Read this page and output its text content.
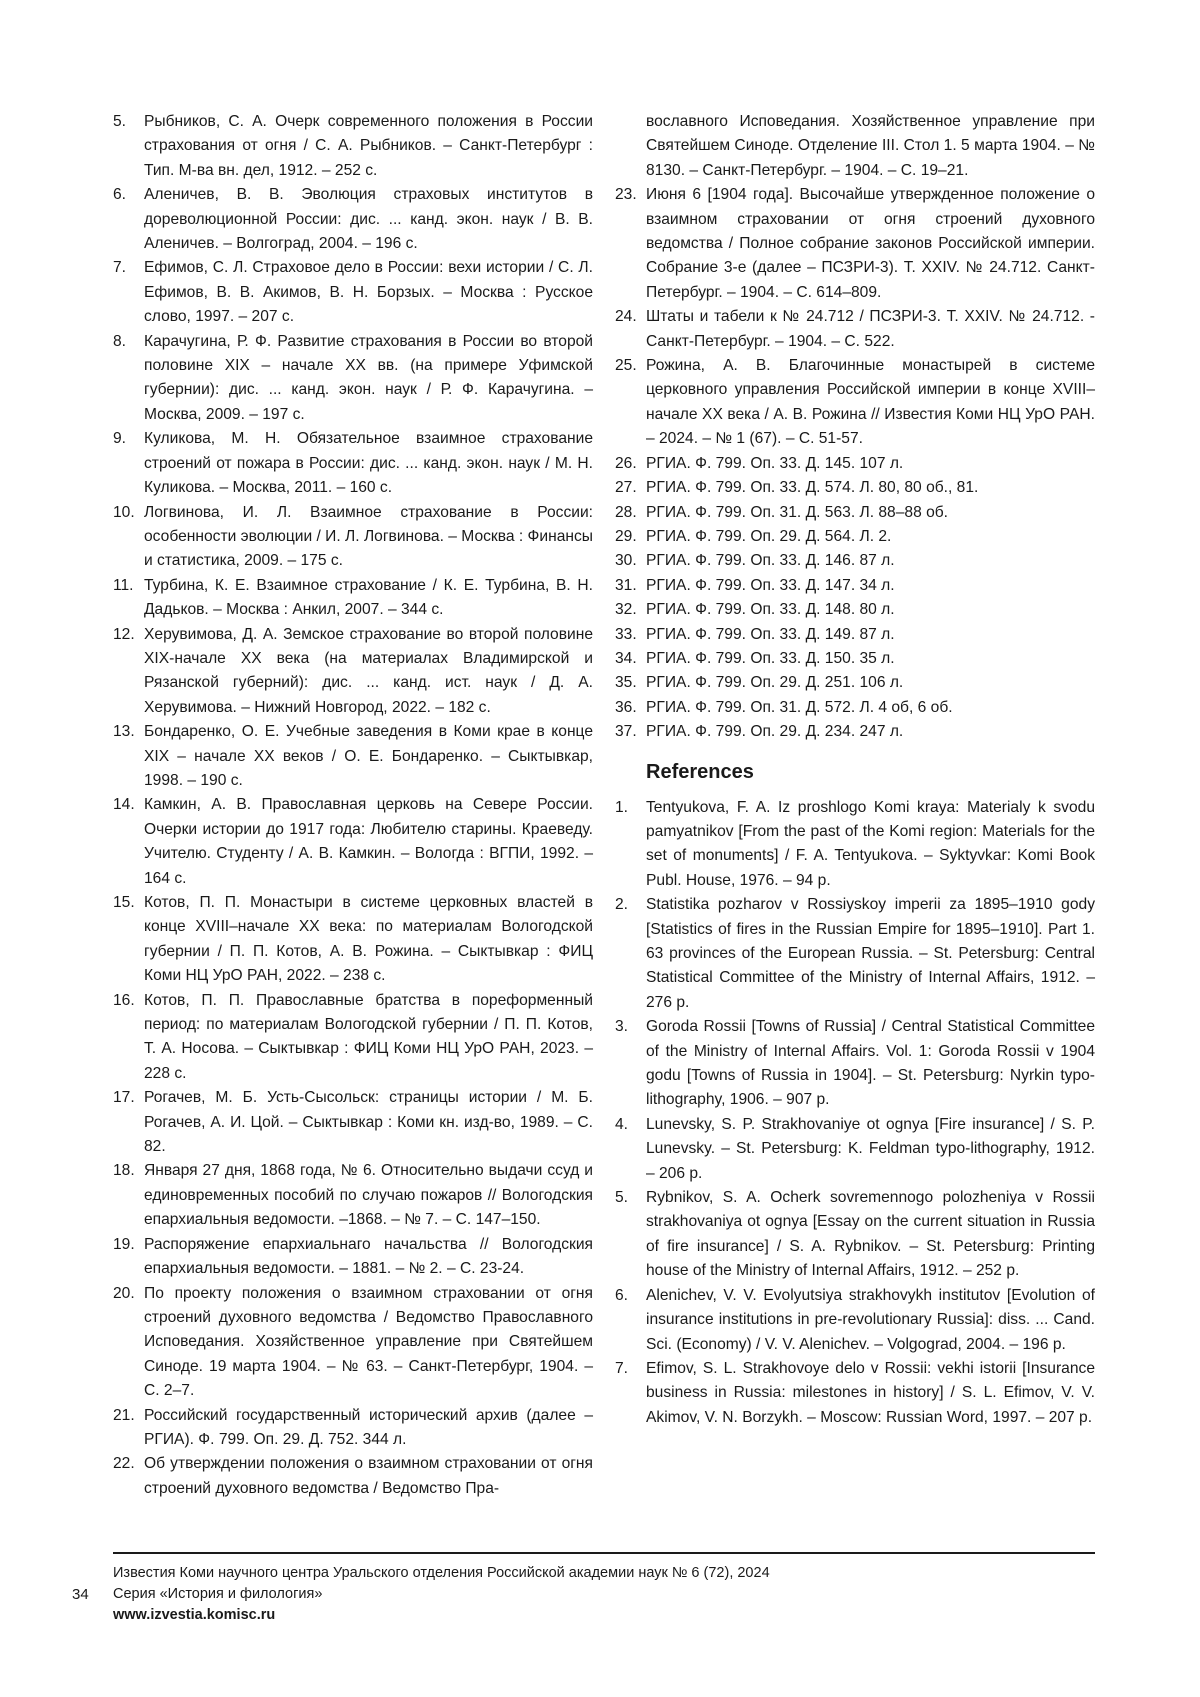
5. Рыбников, С. А. Очерк современного положения в России страхования от огня / С. А. Рыбников. – Санкт-Петербург : Тип. М-ва вн. дел, 1912. – 252 с.
6. Аленичев, В. В. Эволюция страховых институтов в дореволюционной России: дис. ... канд. экон. наук / В. В. Аленичев. – Волгоград, 2004. – 196 с.
7. Ефимов, С. Л. Страховое дело в России: вехи истории / С. Л. Ефимов, В. В. Акимов, В. Н. Борзых. – Москва : Русское слово, 1997. – 207 с.
8. Карачугина, Р. Ф. Развитие страхования в России во второй половине XIX – начале XX вв. (на примере Уфимской губернии): дис. ... канд. экон. наук / Р. Ф. Карачугина. – Москва, 2009. – 197 с.
9. Куликова, М. Н. Обязательное взаимное страхование строений от пожара в России: дис. ... канд. экон. наук / М. Н. Куликова. – Москва, 2011. – 160 с.
10. Логвинова, И. Л. Взаимное страхование в России: особенности эволюции / И. Л. Логвинова. – Москва : Финансы и статистика, 2009. – 175 с.
11. Турбина, К. Е. Взаимное страхование / К. Е. Турбина, В. Н. Дадьков. – Москва : Анкил, 2007. – 344 с.
12. Херувимова, Д. А. Земское страхование во второй половине XIX-начале XX века (на материалах Владимирской и Рязанской губерний): дис. ... канд. ист. наук / Д. А. Херувимова. – Нижний Новгород, 2022. – 182 с.
13. Бондаренко, О. Е. Учебные заведения в Коми крае в конце XIX – начале XX веков / О. Е. Бондаренко. – Сыктывкар, 1998. – 190 с.
14. Камкин, А. В. Православная церковь на Севере России. Очерки истории до 1917 года: Любителю старины. Краеведу. Учителю. Студенту / А. В. Камкин. – Вологда : ВГПИ, 1992. – 164 с.
15. Котов, П. П. Монастыри в системе церковных властей в конце XVIII–начале XX века: по материалам Вологодской губернии / П. П. Котов, А. В. Рожина. – Сыктывкар : ФИЦ Коми НЦ УрО РАН, 2022. – 238 с.
16. Котов, П. П. Православные братства в пореформенный период: по материалам Вологодской губернии / П. П. Котов, Т. А. Носова. – Сыктывкар : ФИЦ Коми НЦ УрО РАН, 2023. – 228 с.
17. Рогачев, М. Б. Усть-Сысольск: страницы истории / М. Б. Рогачев, А. И. Цой. – Сыктывкар : Коми кн. изд-во, 1989. – С. 82.
18. Января 27 дня, 1868 года, № 6. Относительно выдачи ссуд и единовременных пособий по случаю пожаров // Вологодския епархиальныя ведомости. –1868. – № 7. – С. 147–150.
19. Распоряжение епархиальнаго начальства // Вологодския епархиальныя ведомости. – 1881. – № 2. – С. 23-24.
20. По проекту положения о взаимном страховании от огня строений духовного ведомства / Ведомство Православного Исповедания. Хозяйственное управление при Святейшем Синоде. 19 марта 1904. – № 63. – Санкт-Петербург, 1904. – С. 2–7.
21. Российский государственный исторический архив (далее – РГИА). Ф. 799. Оп. 29. Д. 752. 344 л.
22. Об утверждении положения о взаимном страховании от огня строений духовного ведомства / Ведомство Пра-
вославного Исповедания. Хозяйственное управление при Святейшем Синоде. Отделение III. Стол 1. 5 марта 1904. – № 8130. – Санкт-Петербург. – 1904. – С. 19–21.
23. Июня 6 [1904 года]. Высочайше утвержденное положение о взаимном страховании от огня строений духовного ведомства / Полное собрание законов Российской империи. Собрание 3-е (далее – ПСЗРИ-3). Т. XXIV. № 24.712. Санкт-Петербург. – 1904. – С. 614–809.
24. Штаты и табели к № 24.712 / ПСЗРИ-3. Т. XXIV. № 24.712. - Санкт-Петербург. – 1904. – С. 522.
25. Рожина, А. В. Благочинные монастырей в системе церковного управления Российской империи в конце XVIII–начале XX века / А. В. Рожина // Известия Коми НЦ УрО РАН. – 2024. – № 1 (67). – С. 51-57.
26. РГИА. Ф. 799. Оп. 33. Д. 145. 107 л.
27. РГИА. Ф. 799. Оп. 33. Д. 574. Л. 80, 80 об., 81.
28. РГИА. Ф. 799. Оп. 31. Д. 563. Л. 88–88 об.
29. РГИА. Ф. 799. Оп. 29. Д. 564. Л. 2.
30. РГИА. Ф. 799. Оп. 33. Д. 146. 87 л.
31. РГИА. Ф. 799. Оп. 33. Д. 147. 34 л.
32. РГИА. Ф. 799. Оп. 33. Д. 148. 80 л.
33. РГИА. Ф. 799. Оп. 33. Д. 149. 87 л.
34. РГИА. Ф. 799. Оп. 33. Д. 150. 35 л.
35. РГИА. Ф. 799. Оп. 29. Д. 251. 106 л.
36. РГИА. Ф. 799. Оп. 31. Д. 572. Л. 4 об, 6 об.
37. РГИА. Ф. 799. Оп. 29. Д. 234. 247 л.
References
1. Tentyukova, F. A. Iz proshlogo Komi kraya: Materialy k svodu pamyatnikov [From the past of the Komi region: Materials for the set of monuments] / F. A. Tentyukova. – Syktyvkar: Komi Book Publ. House, 1976. – 94 p.
2. Statistika pozharov v Rossiyskoy imperii za 1895–1910 gody [Statistics of fires in the Russian Empire for 1895–1910]. Part 1. 63 provinces of the European Russia. – St. Petersburg: Central Statistical Committee of the Ministry of Internal Affairs, 1912. – 276 p.
3. Goroda Rossii [Towns of Russia] / Central Statistical Committee of the Ministry of Internal Affairs. Vol. 1: Goroda Rossii v 1904 godu [Towns of Russia in 1904]. – St. Petersburg: Nyrkin typo-lithography, 1906. – 907 p.
4. Lunevsky, S. P. Strakhovaniye ot ognya [Fire insurance] / S. P. Lunevsky. – St. Petersburg: K. Feldman typo-lithography, 1912. – 206 p.
5. Rybnikov, S. A. Ocherk sovremennogo polozheniya v Rossii strakhovaniya ot ognya [Essay on the current situation in Russia of fire insurance] / S. A. Rybnikov. – St. Petersburg: Printing house of the Ministry of Internal Affairs, 1912. – 252 p.
6. Alenichev, V. V. Evolyutsiya strakhovykh institutov [Evolution of insurance institutions in pre-revolutionary Russia]: diss. ... Cand. Sci. (Economy) / V. V. Alenichev. – Volgograd, 2004. – 196 p.
7. Efimov, S. L. Strakhovoye delo v Rossii: vekhi istorii [Insurance business in Russia: milestones in history] / S. L. Efimov, V. V. Akimov, V. N. Borzykh. – Moscow: Russian Word, 1997. – 207 p.
34
Известия Коми научного центра Уральского отделения Российской академии наук № 6 (72), 2024
Серия «История и филология»
www.izvestia.komisc.ru
